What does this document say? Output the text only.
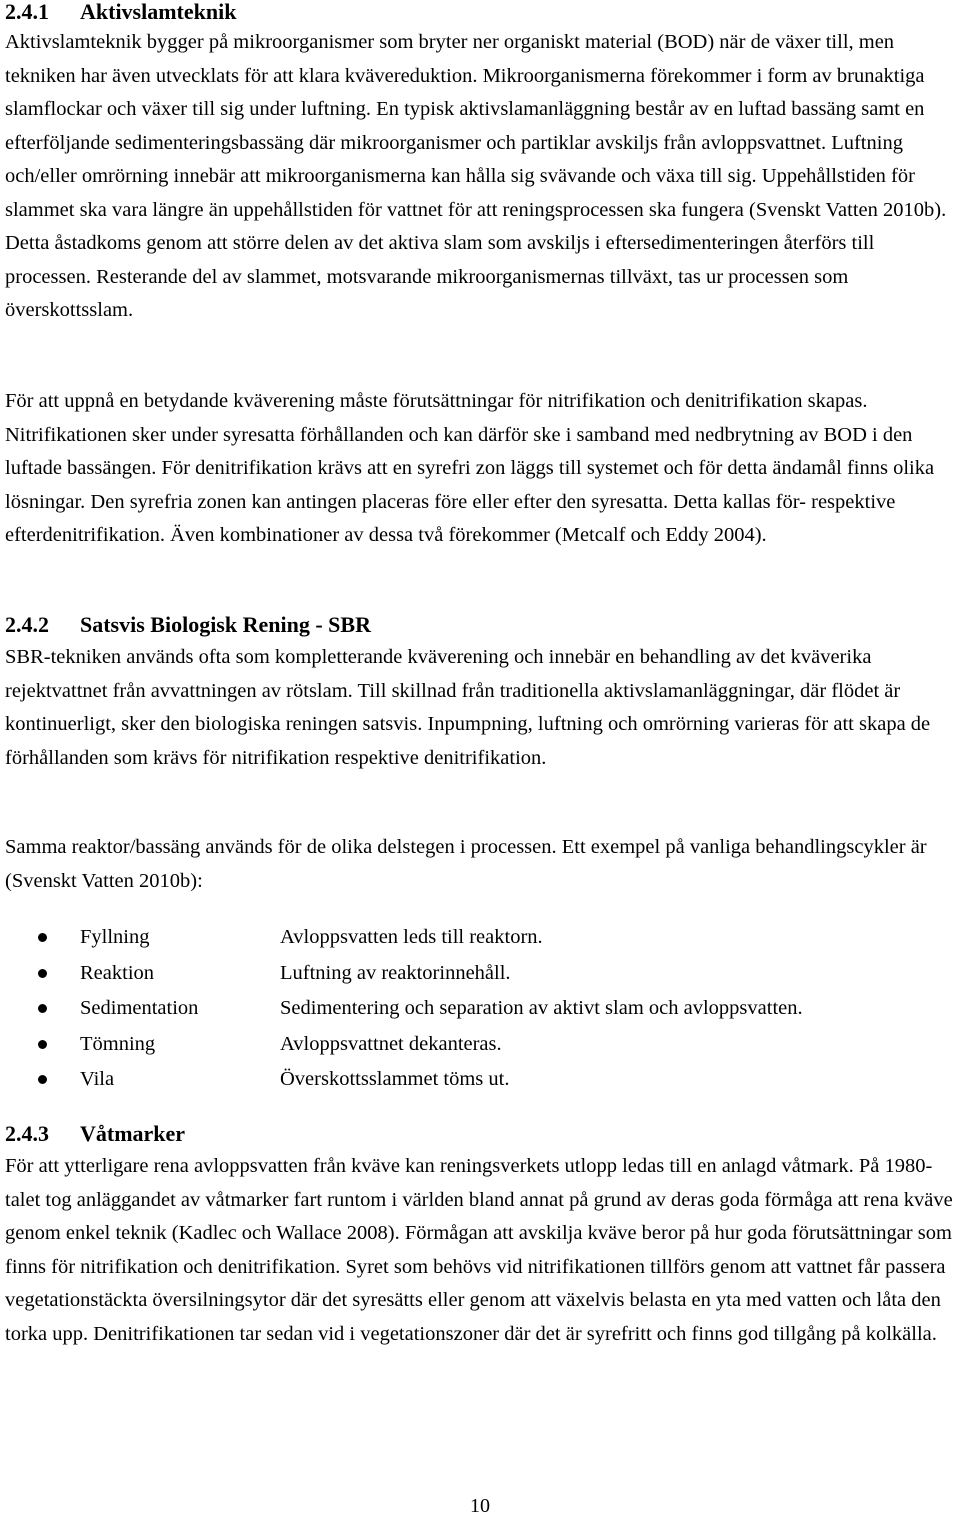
2.4.1 Aktivslamteknik

Aktivslamteknik bygger på mikroorganismer som bryter ner organiskt material (BOD) när de växer till, men tekniken har även utvecklats för att klara kvävereduktion. Mikroorganismerna förekommer i form av brunaktiga slamflockar och växer till sig under luftning. En typisk aktivslamanläggning består av en luftad bassäng samt en efterföljande sedimenteringsbassäng där mikroorganismer och partiklar avskiljs från avloppsvattnet. Luftning och/eller omrörning innebär att mikroorganismerna kan hålla sig svävande och växa till sig. Uppehållstiden för slammet ska vara längre än uppehållstiden för vattnet för att reningsprocessen ska fungera (Svenskt Vatten 2010b). Detta åstadkoms genom att större delen av det aktiva slam som avskiljs i eftersedimenteringen återförs till processen. Resterande del av slammet, motsvarande mikroorganismernas tillväxt, tas ur processen som överskottsslam.

För att uppnå en betydande kväverening måste förutsättningar för nitrifikation och denitrifikation skapas. Nitrifikationen sker under syresatta förhållanden och kan därför ske i samband med nedbrytning av BOD i den luftade bassängen. För denitrifikation krävs att en syrefri zon läggs till systemet och för detta ändamål finns olika lösningar. Den syrefria zonen kan antingen placeras före eller efter den syresatta. Detta kallas för- respektive efterdenitrifikation. Även kombinationer av dessa två förekommer (Metcalf och Eddy 2004).

2.4.2 Satsvis Biologisk Rening - SBR

SBR-tekniken används ofta som kompletterande kväverening och innebär en behandling av det kväverika rejektvattnet från avvattningen av rötslam. Till skillnad från traditionella aktivslamanläggningar, där flödet är kontinuerligt, sker den biologiska reningen satsvis. Inpumpning, luftning och omrörning varieras för att skapa de förhållanden som krävs för nitrifikation respektive denitrifikation.

Samma reaktor/bassäng används för de olika delstegen i processen. Ett exempel på vanliga behandlingscykler är (Svenskt Vatten 2010b):

Fyllning	Avloppsvatten leds till reaktorn.
Reaktion	Luftning av reaktorinnehåll.
Sedimentation	Sedimentering och separation av aktivt slam och avloppsvatten.
Tömning	Avloppsvattnet dekanteras.
Vila	Överskottsslammet töms ut.
2.4.3 Våtmarker

För att ytterligare rena avloppsvatten från kväve kan reningsverkets utlopp ledas till en anlagd våtmark. På 1980-talet tog anläggandet av våtmarker fart runtom i världen bland annat på grund av deras goda förmåga att rena kväve genom enkel teknik (Kadlec och Wallace 2008). Förmågan att avskilja kväve beror på hur goda förutsättningar som finns för nitrifikation och denitrifikation. Syret som behövs vid nitrifikationen tillförs genom att vattnet får passera vegetationstäckta översilningsytor där det syresätts eller genom att växelvis belasta en yta med vatten och låta den torka upp. Denitrifikationen tar sedan vid i vegetationszoner där det är syrefritt och finns god tillgång på kolkälla.

10
